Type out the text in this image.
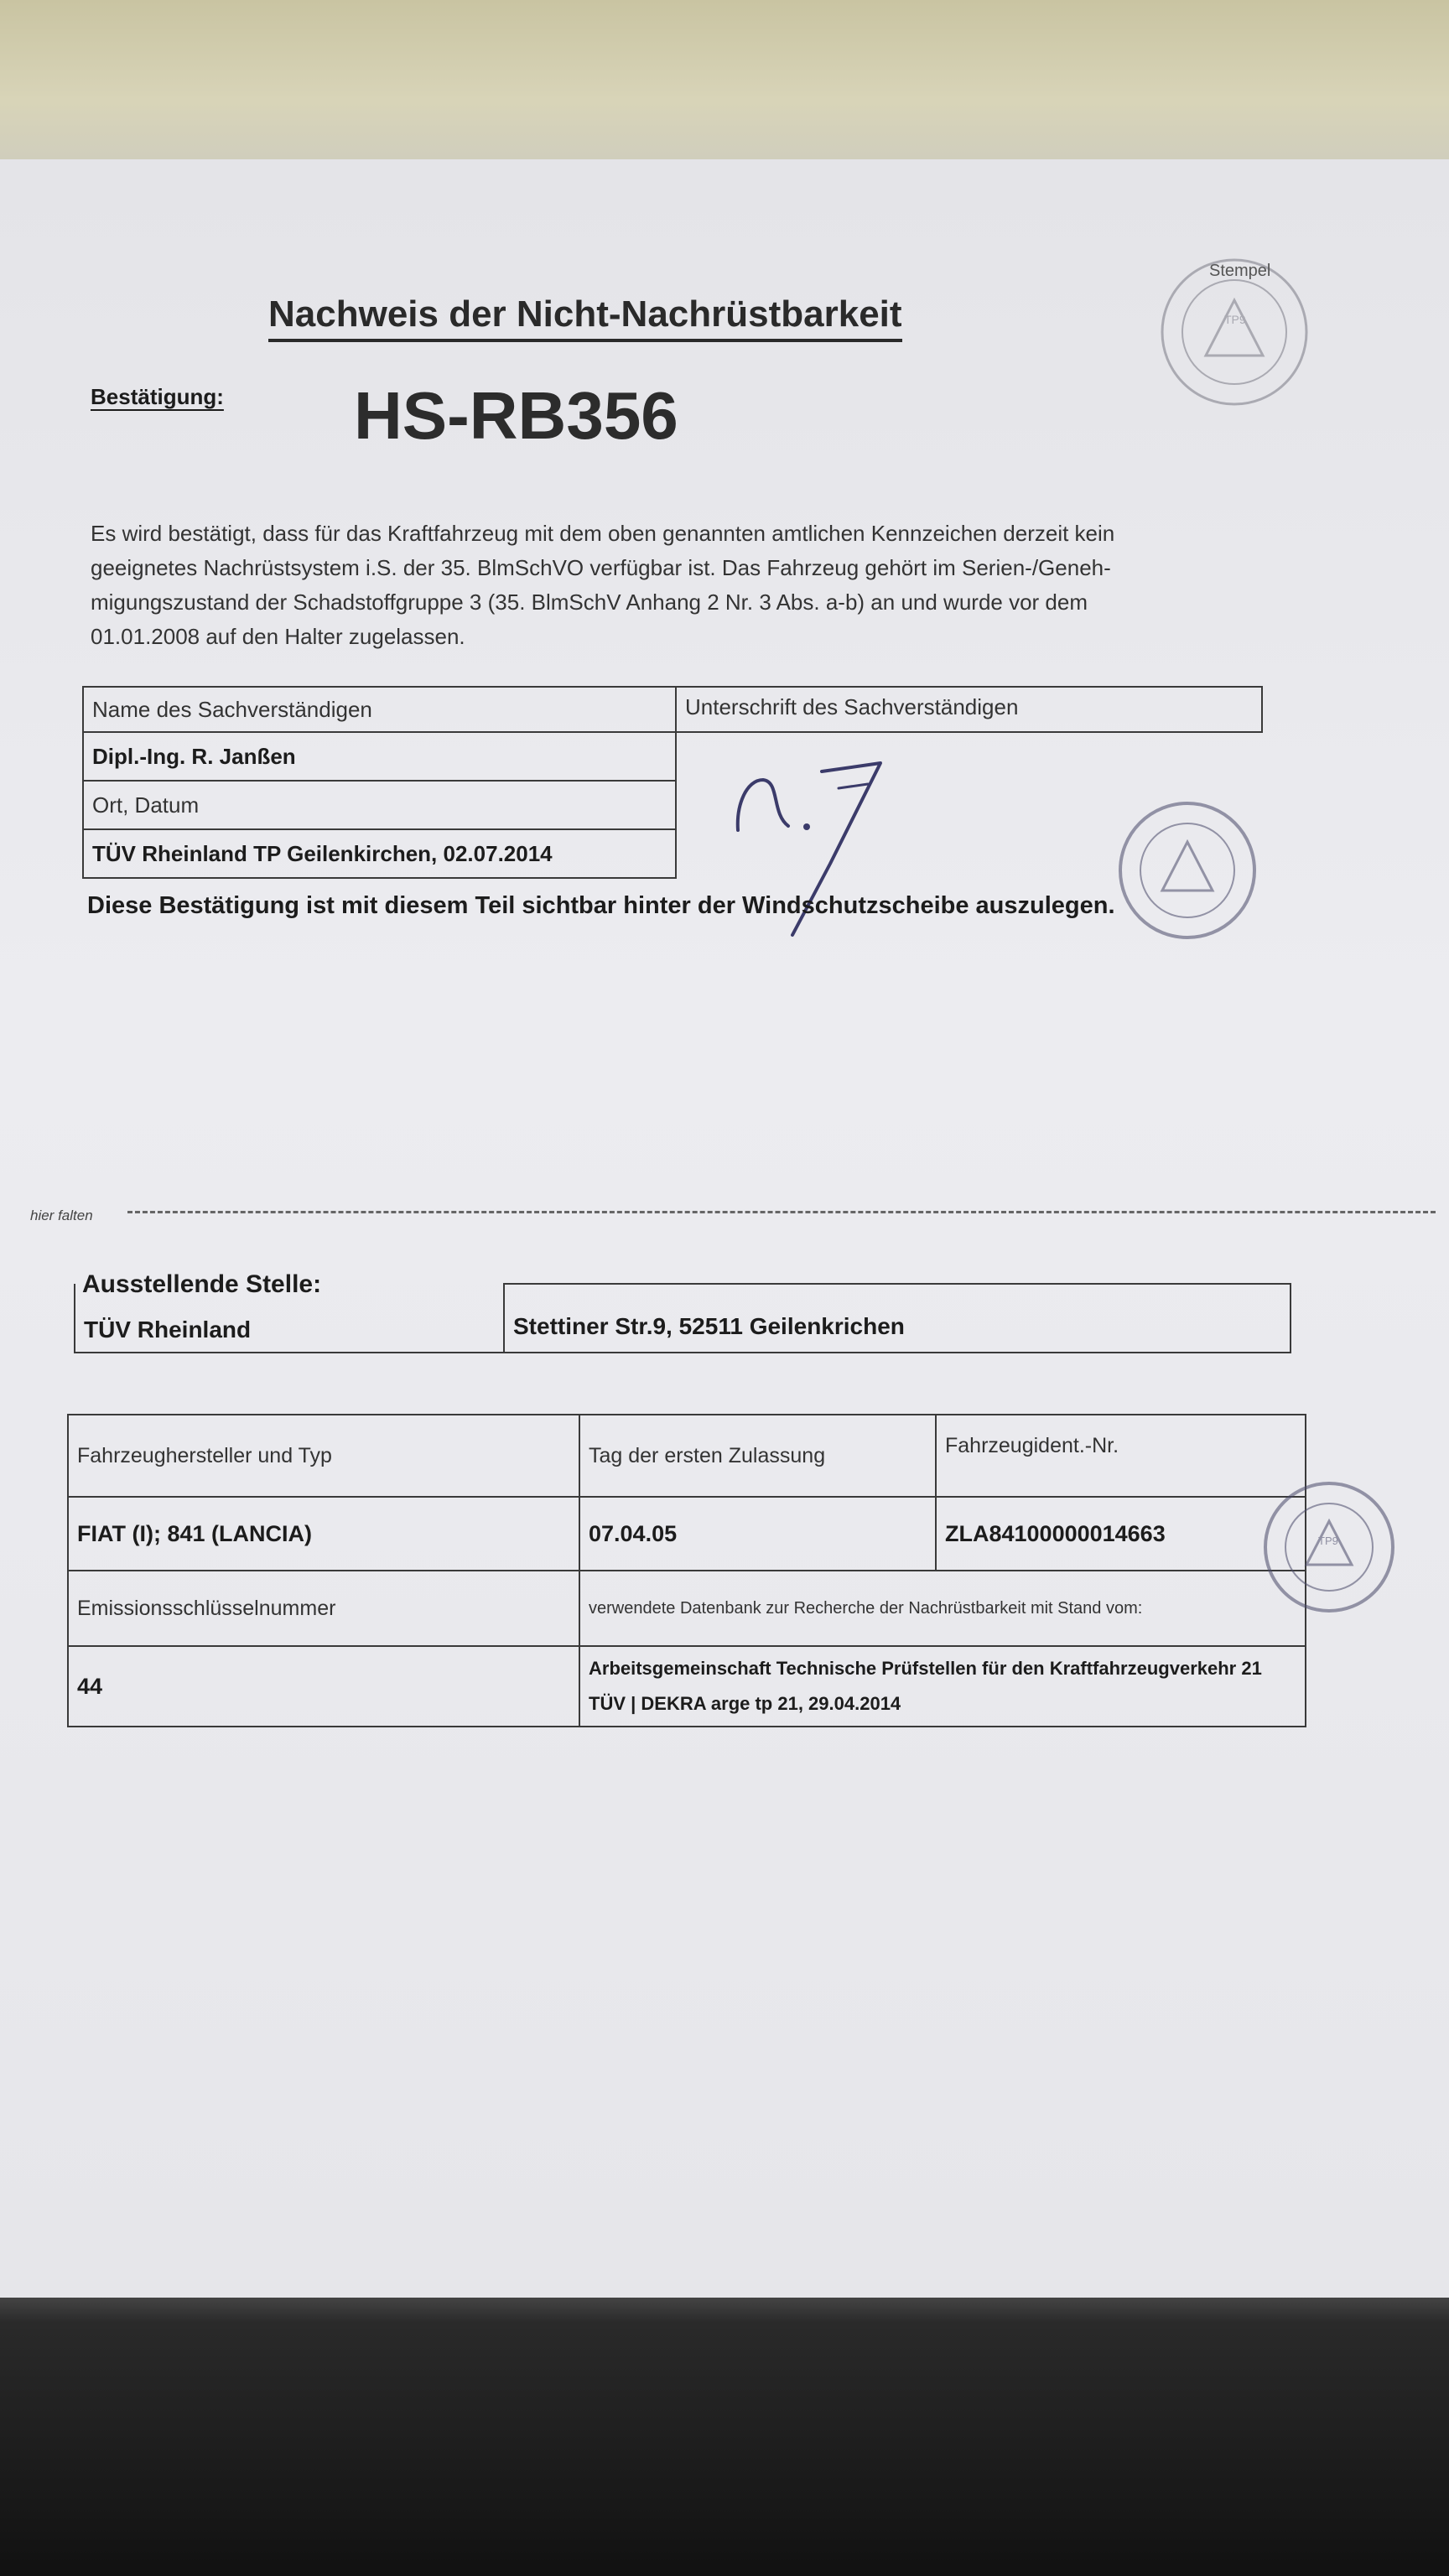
TP9
Stempel
Nachweis der Nicht-Nachrüstbarkeit
Bestätigung: HS-RB356
Es wird bestätigt, dass für das Kraftfahrzeug mit dem oben genannten amtlichen Kennzeichen derzeit kein
geeignetes Nachrüstsystem i.S. der 35. BlmSchVO verfügbar ist. Das Fahrzeug gehört im Serien-/Geneh-
migungszustand der Schadstoffgruppe 3 (35. BlmSchV Anhang 2 Nr. 3 Abs. a-b) an und wurde vor dem
01.01.2008 auf den Halter zugelassen.
Name des Sachverständigen	Unterschrift des Sachverständigen
Dipl.-Ing. R. Janßen	
Ort, Datum	
TÜV Rheinland TP Geilenkirchen, 02.07.2014	
Diese Bestätigung ist mit diesem Teil sichtbar hinter der Windschutzscheibe auszulegen.
hier falten
Ausstellende Stelle:
TÜV Rheinland	Stettiner Str.9, 52511 Geilenkrichen
Fahrzeughersteller und Typ	Tag der ersten Zulassung	Fahrzeugident.-Nr.
FIAT (I); 841 (LANCIA)	07.04.05	ZLA84100000014663
Emissionsschlüsselnummer	verwendete Datenbank zur Recherche der Nachrüstbarkeit mit Stand vom:	
44	Arbeitsgemeinschaft Technische Prüfstellen für den Kraftfahrzeugverkehr 21 TÜV | DEKRA arge tp 21, 29.04.2014	
TP9
